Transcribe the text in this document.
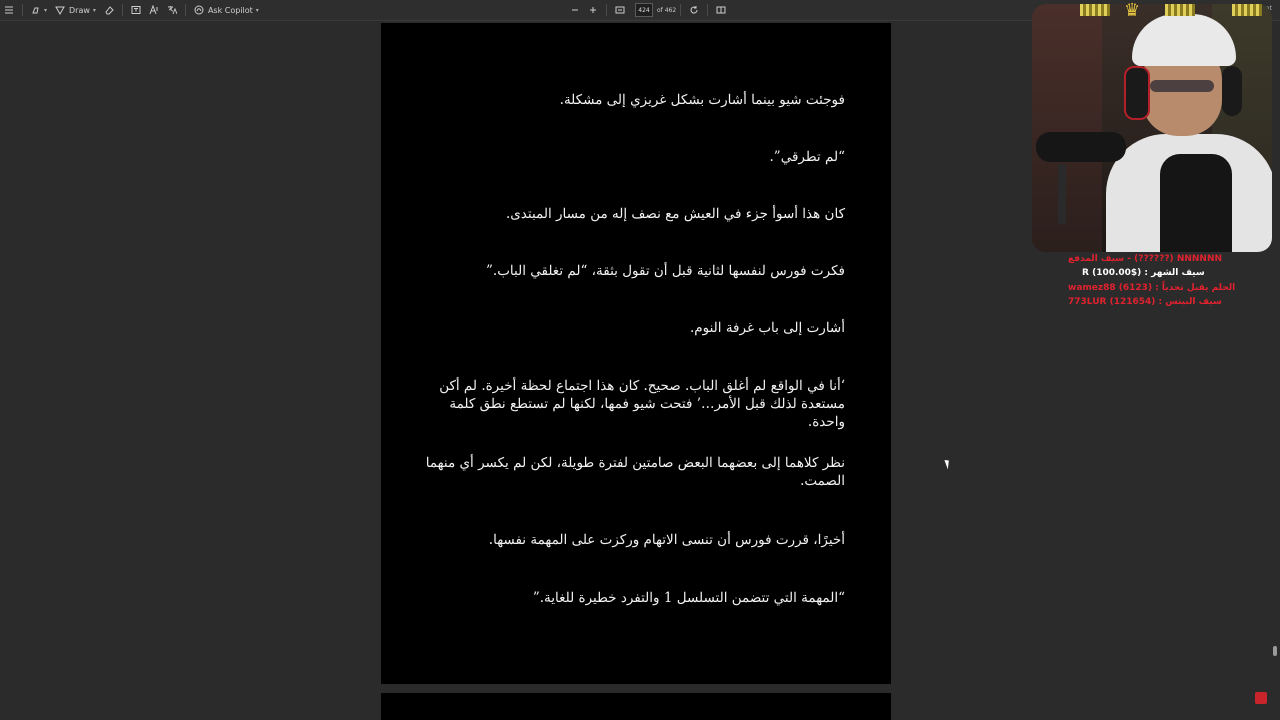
▾	Draw ▾	Ask Copilot ▾	424	of 462

فوجئت شيو بينما أشارت بشكل غريزي إلى مشكلة.

“لم تطرقي”.

كان هذا أسوأ جزء في العيش مع نصف إله من مسار المبتدى.

فكرت فورس لنفسها لثانية قبل أن تقول بثقة، “لم تغلقي الباب.”

أشارت إلى باب غرفة النوم.

‘أنا في الواقع لم أغلق الباب. صحيح. كان هذا اجتماع لحظة أخيرة. لم أكن مستعدة لذلك قبل الأمر…’ فتحت شيو فمها، لكنها لم تستطع نطق كلمة واحدة.

نظر كلاهما إلى بعضهما البعض صامتين لفترة طويلة، لكن لم يكسر أي منهما الصمت.

أخيرًا، قررت فورس أن تنسى الاتهام وركزت على المهمة نفسها.

“المهمة التي تتضمن التسلسل 1 والتفرد خطيرة للغاية.”

♛
NNNNNN (??????) - سيف المدفع
سيف الشهر : ($100.00) R
الحلم يقبل تحدياً : (6123) wamez88
سيف البيتس : (121654) 773LUR
